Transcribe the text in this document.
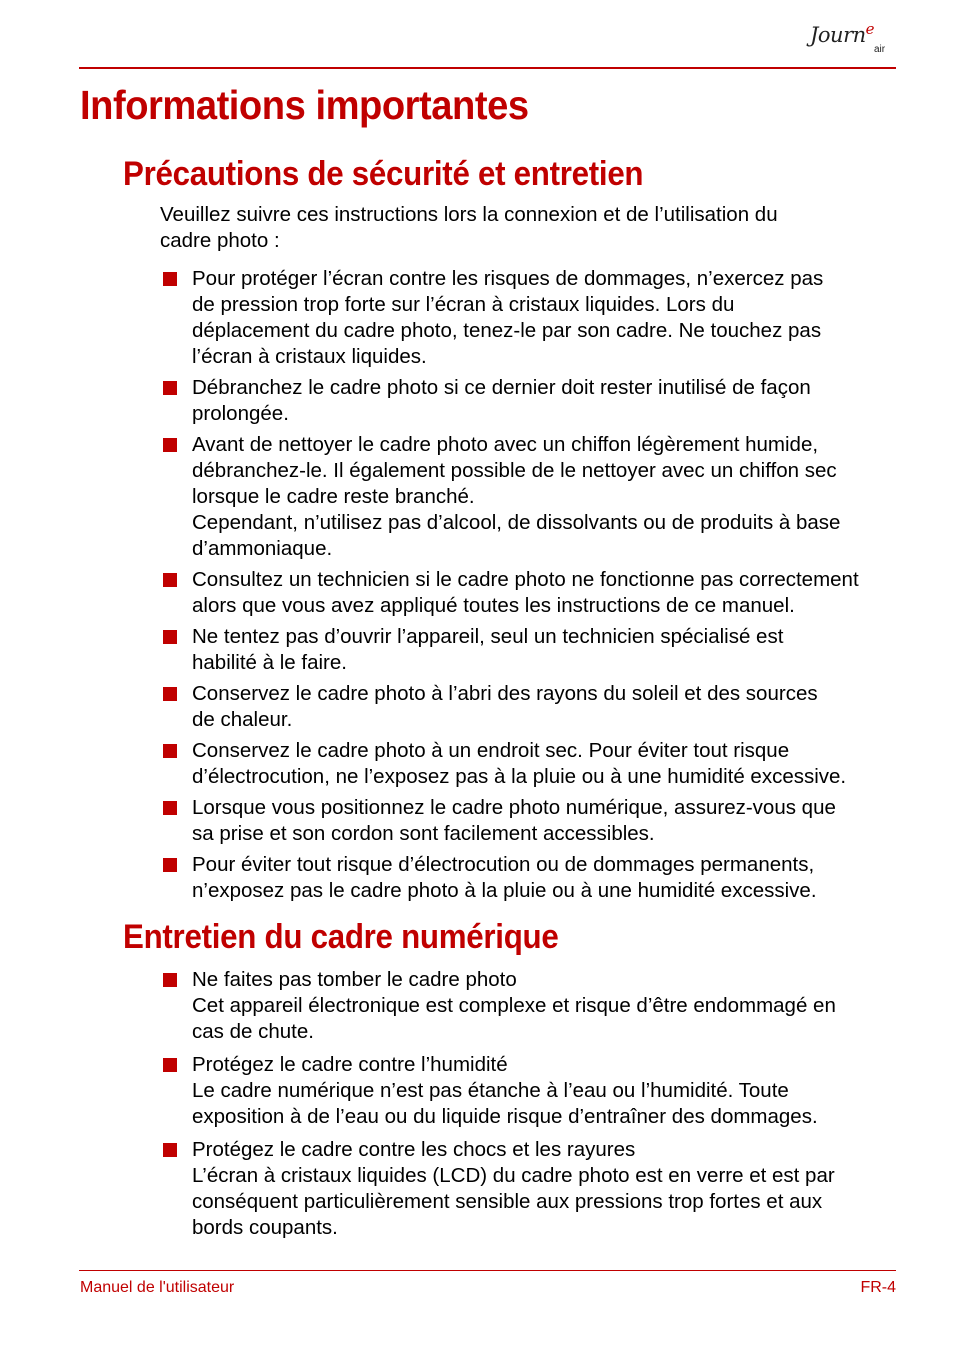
Journ$^e$
air
Informations importantes
Précautions de sécurité et entretien

Veuillez suivre ces instructions lors la connexion et de l’utilisation du
cadre photo :

Pour protéger l’écran contre les risques de dommages, n’exercez pas
de pression trop forte sur l’écran à cristaux liquides. Lors du
déplacement du cadre photo, tenez-le par son cadre. Ne touchez pas
l’écran à cristaux liquides.
Débranchez le cadre photo si ce dernier doit rester inutilisé de façon
prolongée.
Avant de nettoyer le cadre photo avec un chiffon légèrement humide,
débranchez-le. Il également possible de le nettoyer avec un chiffon sec
lorsque le cadre reste branché.
Cependant, n’utilisez pas d’alcool, de dissolvants ou de produits à base
d’ammoniaque.
Consultez un technicien si le cadre photo ne fonctionne pas correctement
alors que vous avez appliqué toutes les instructions de ce manuel.
Ne tentez pas d’ouvrir l’appareil, seul un technicien spécialisé est
habilité à le faire.
Conservez le cadre photo à l’abri des rayons du soleil et des sources
de chaleur.
Conservez le cadre photo à un endroit sec. Pour éviter tout risque
d’électrocution, ne l’exposez pas à la pluie ou à une humidité excessive.
Lorsque vous positionnez le cadre photo numérique, assurez-vous que
sa prise et son cordon sont facilement accessibles.
Pour éviter tout risque d’électrocution ou de dommages permanents,
n’exposez pas le cadre photo à la pluie ou à une humidité excessive.
Entretien du cadre numérique
Ne faites pas tomber le cadre photo
Cet appareil électronique est complexe et risque d’être endommagé en
cas de chute.
Protégez le cadre contre l’humidité
Le cadre numérique n’est pas étanche à l’eau ou l’humidité. Toute
exposition à de l’eau ou du liquide risque d’entraîner des dommages.
Protégez le cadre contre les chocs et les rayures
L’écran à cristaux liquides (LCD) du cadre photo est en verre et est par
conséquent particulièrement sensible aux pressions trop fortes et aux
bords coupants.
Manuel de l'utilisateur	FR-4
